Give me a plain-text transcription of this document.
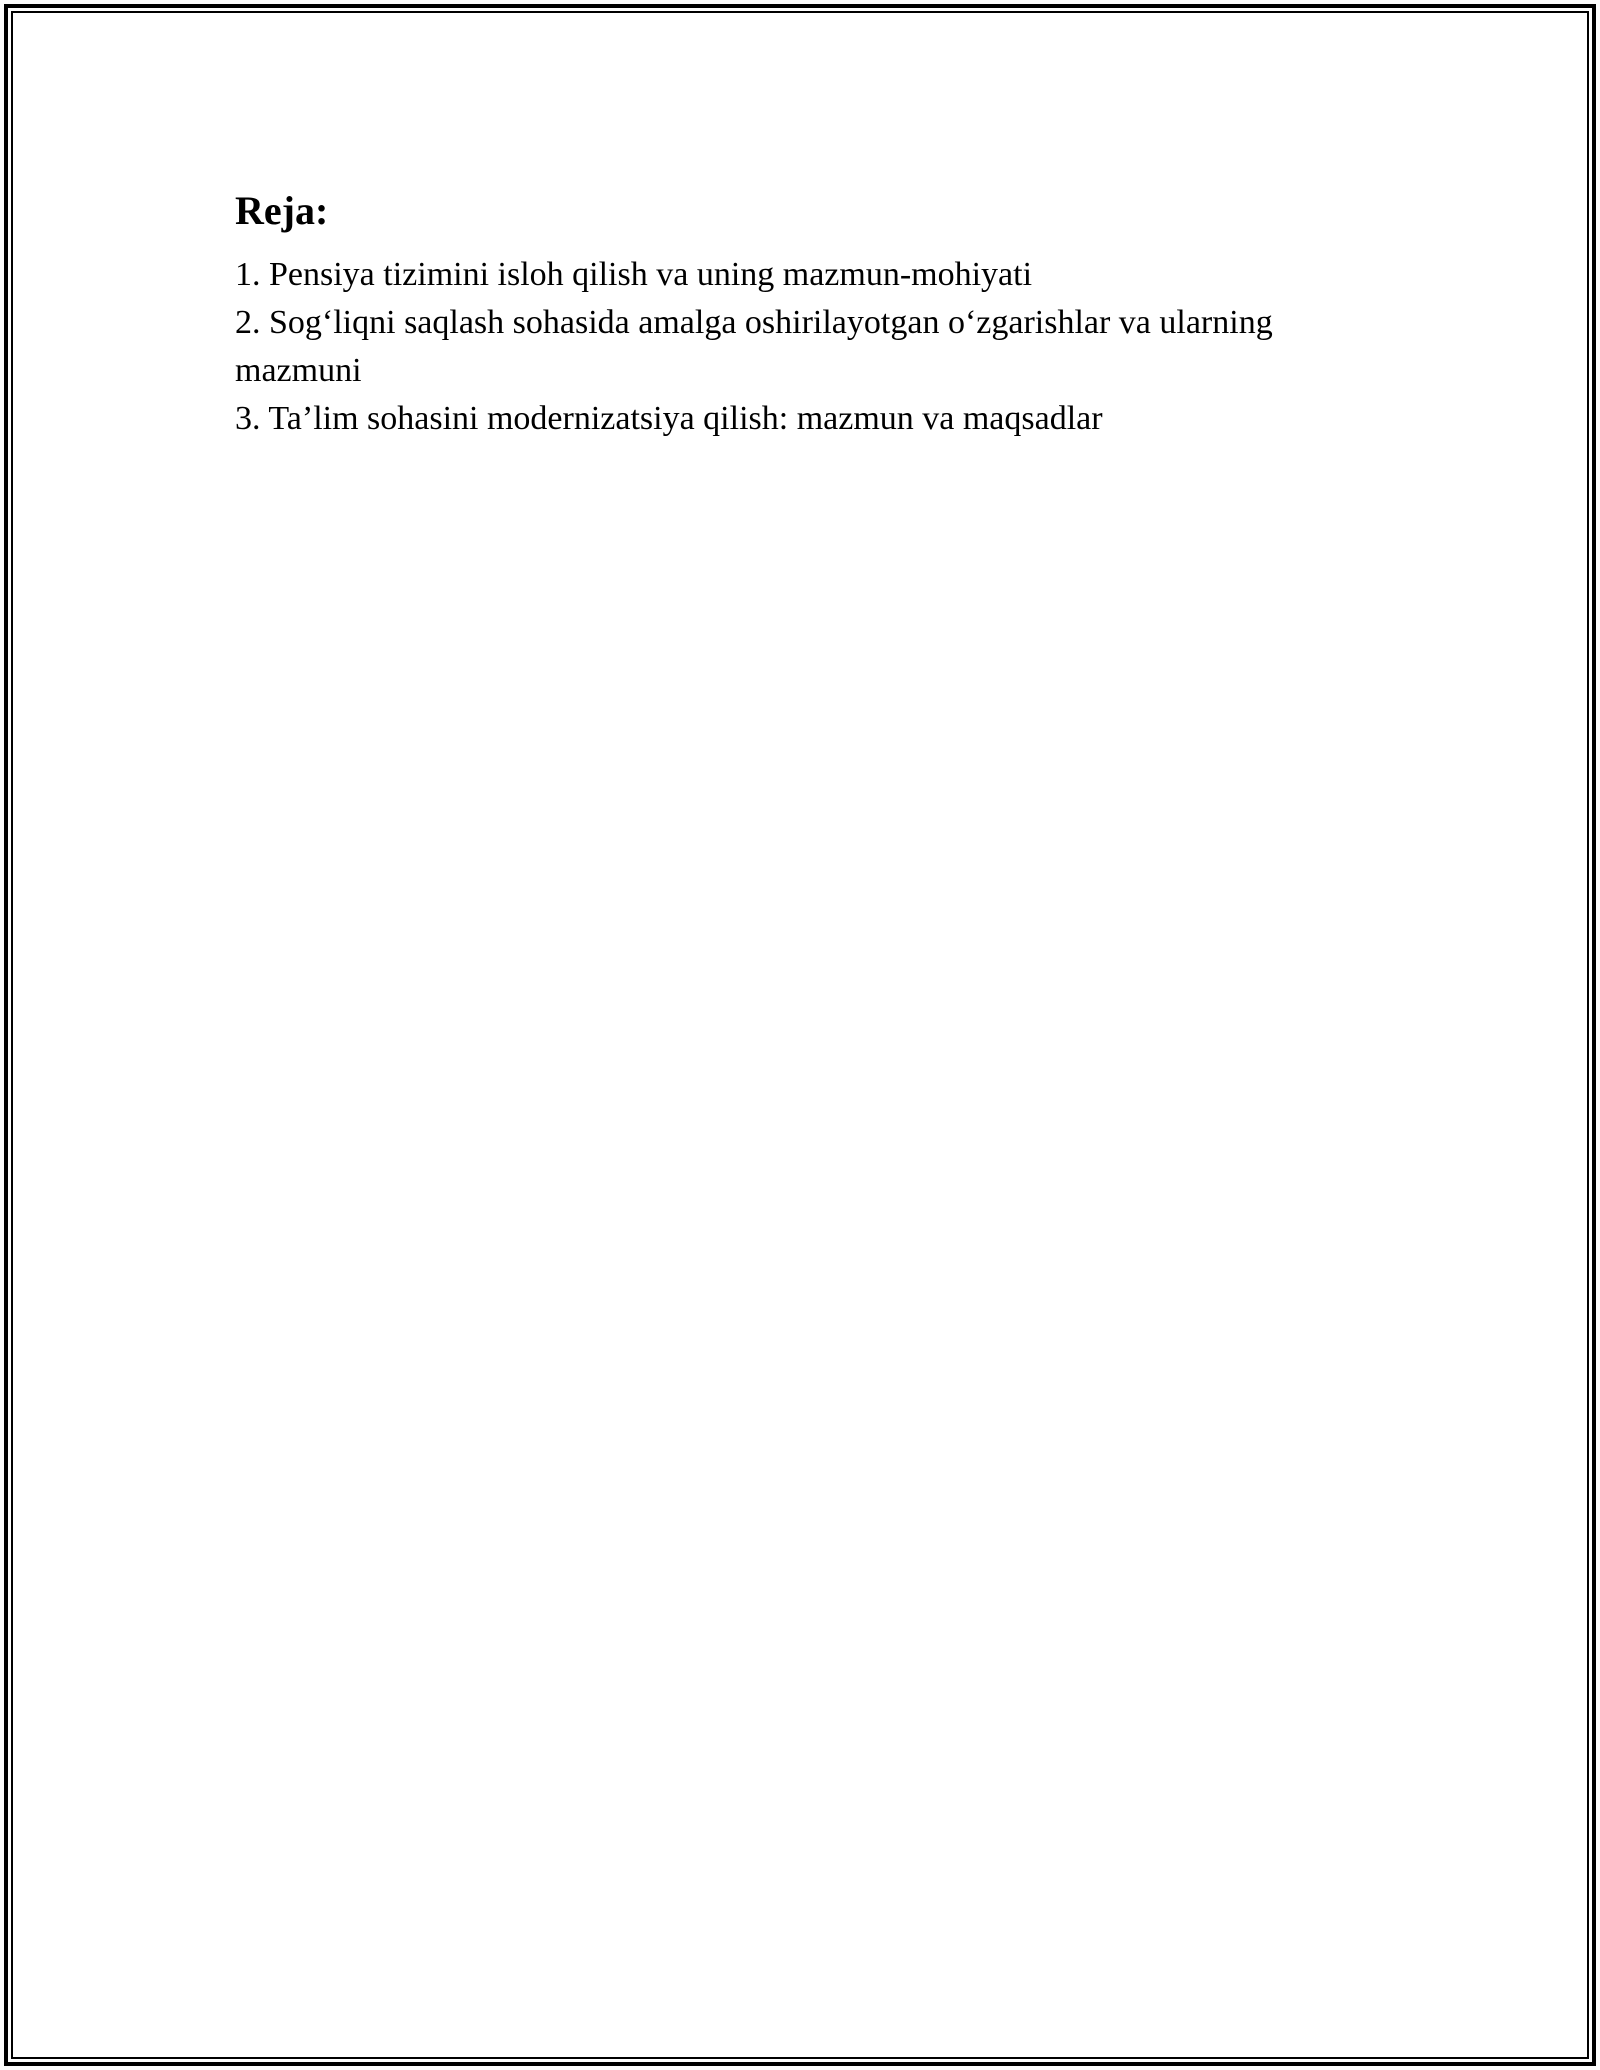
Reja:
1. Pensiya tizimini isloh qilish va uning mazmun-mohiyati
2. Sog‘liqni saqlash sohasida amalga oshirilayotgan o‘zgarishlar va ularning mazmuni
3. Ta’lim sohasini modernizatsiya qilish: mazmun va maqsadlar
